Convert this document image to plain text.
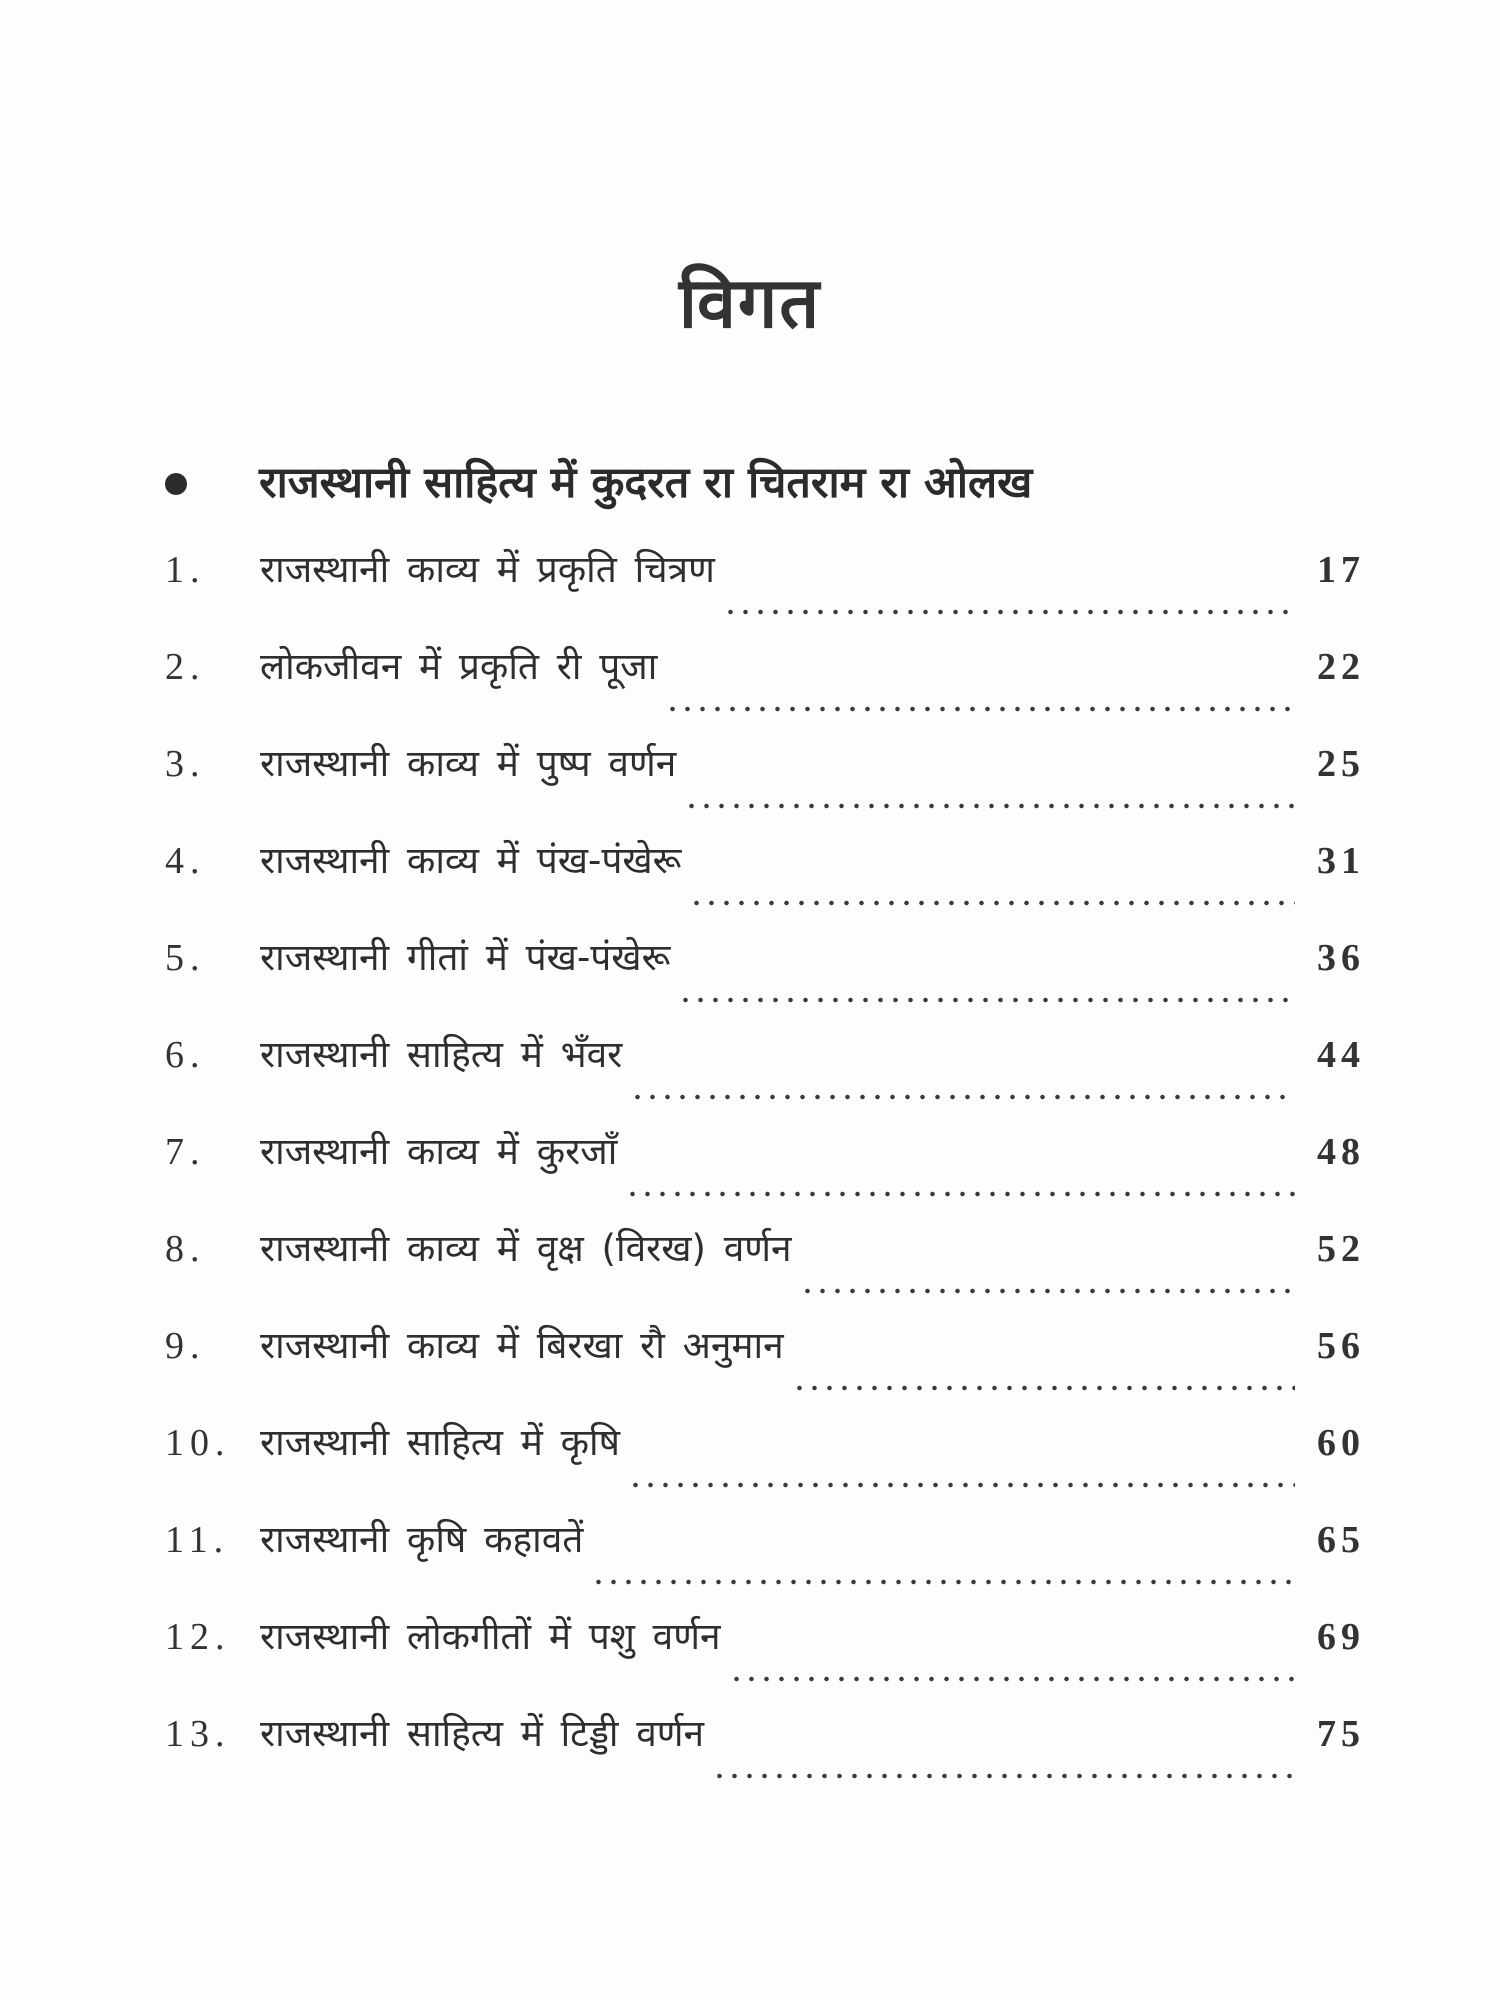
विगत
राजस्थानी साहित्य में कुदरत रा चितराम रा ओलख
1.	राजस्थानी काव्य में प्रकृति चित्रण	17
2.	लोकजीवन में प्रकृति री पूजा	22
3.	राजस्थानी काव्य में पुष्प वर्णन	25
4.	राजस्थानी काव्य में पंख-पंखेरू	31
5.	राजस्थानी गीतां में पंख-पंखेरू	36
6.	राजस्थानी साहित्य में भँवर	44
7.	राजस्थानी काव्य में कुरजाँ	48
8.	राजस्थानी काव्य में वृक्ष (विरख) वर्णन	52
9.	राजस्थानी काव्य में बिरखा रौ अनुमान	56
10. राजस्थानी साहित्य में कृषि	60
11. राजस्थानी कृषि कहावतें	65
12. राजस्थानी लोकगीतों में पशु वर्णन	69
13. राजस्थानी साहित्य में टिड्डी वर्णन	75
